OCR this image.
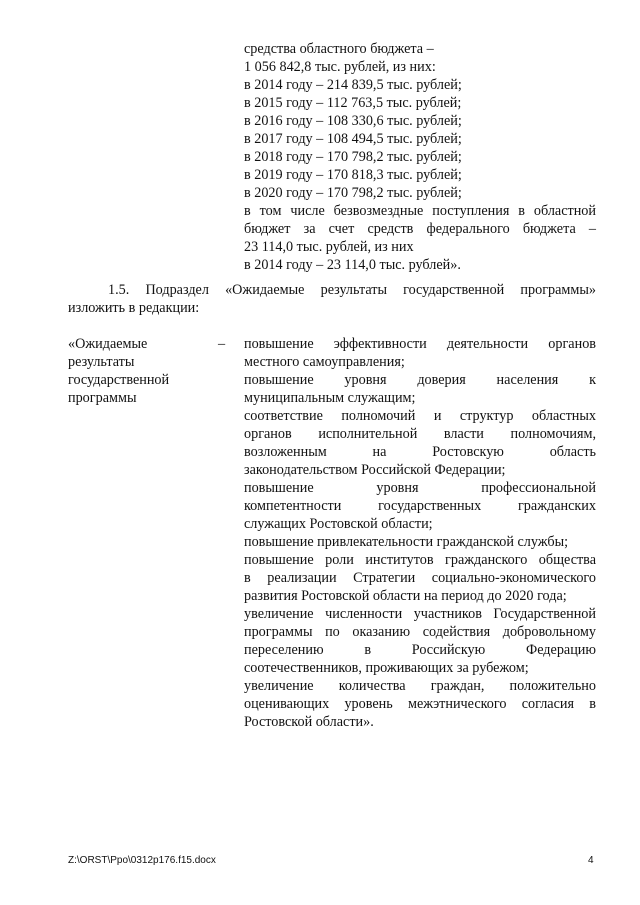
средства областного бюджета –
1 056 842,8 тыс. рублей, из них:
в 2014 году – 214 839,5 тыс. рублей;
в 2015 году – 112 763,5 тыс. рублей;
в 2016 году – 108 330,6 тыс. рублей;
в 2017 году – 108 494,5 тыс. рублей;
в 2018 году – 170 798,2 тыс. рублей;
в 2019 году – 170 818,3 тыс. рублей;
в 2020 году – 170 798,2 тыс. рублей;
в том числе безвозмездные поступления в областной
бюджет за счет средств федерального бюджета –
23 114,0 тыс. рублей, из них
в 2014 году – 23 114,0 тыс. рублей».
1.5. Подраздел «Ожидаемые результаты государственной программы»
изложить в редакции:
«Ожидаемые
результаты
государственной
программы
– повышение эффективности деятельности органов
местного самоуправления;
повышение уровня доверия населения к
муниципальным служащим;
соответствие полномочий и структур областных
органов исполнительной власти полномочиям,
возложенным на Ростовскую область
законодательством Российской Федерации;
повышение уровня профессиональной
компетентности государственных гражданских
служащих Ростовской области;
повышение привлекательности гражданской службы;
повышение роли институтов гражданского общества
в реализации Стратегии социально-экономического
развития Ростовской области на период до 2020 года;
увеличение численности участников Государственной
программы по оказанию содействия добровольному
переселению в Российскую Федерацию
соотечественников, проживающих за рубежом;
увеличение количества граждан, положительно
оценивающих уровень межэтнического согласия в
Ростовской области».
Z:\ORST\Ppo\0312p176.f15.docx	4
